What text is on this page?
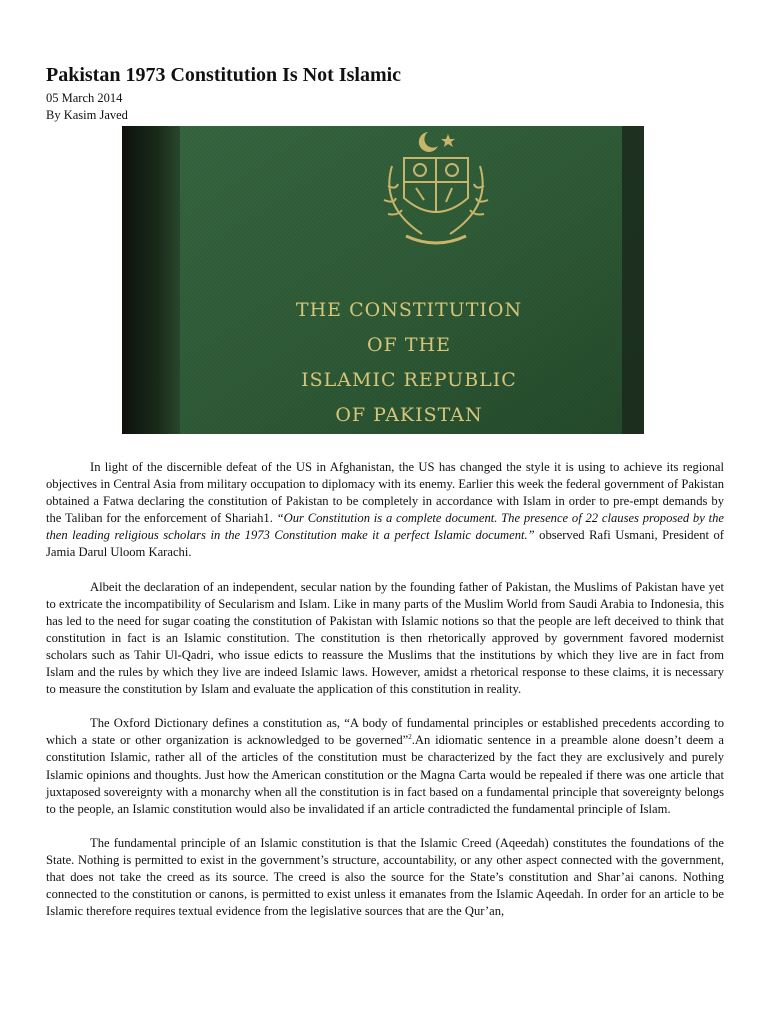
Pakistan 1973 Constitution Is Not Islamic
05 March 2014
By Kasim Javed
THE CONSTITUTION
OF THE
ISLAMIC REPUBLIC
OF PAKISTAN

In light of the discernible defeat of the US in Afghanistan, the US has changed the style it is using to achieve its regional objectives in Central Asia from military occupation to diplomacy with its enemy. Earlier this week the federal government of Pakistan obtained a Fatwa declaring the constitution of Pakistan to be completely in accordance with Islam in order to pre-empt demands by the Taliban for the enforcement of Shariah1. “Our Constitution is a complete document. The presence of 22 clauses proposed by the then leading religious scholars in the 1973 Constitution make it a perfect Islamic document.” observed Rafi Usmani, President of Jamia Darul Uloom Karachi.

Albeit the declaration of an independent, secular nation by the founding father of Pakistan, the Muslims of Pakistan have yet to extricate the incompatibility of Secularism and Islam. Like in many parts of the Muslim World from Saudi Arabia to Indonesia, this has led to the need for sugar coating the constitution of Pakistan with Islamic notions so that the people are left deceived to think that constitution in fact is an Islamic constitution. The constitution is then rhetorically approved by government favored modernist scholars such as Tahir Ul-Qadri, who issue edicts to reassure the Muslims that the institutions by which they live are in fact from Islam and the rules by which they live are indeed Islamic laws. However, amidst a rhetorical response to these claims, it is necessary to measure the constitution by Islam and evaluate the application of this constitution in reality.

The Oxford Dictionary defines a constitution as, “A body of fundamental principles or established precedents according to which a state or other organization is acknowledged to be governed”$^2$.An idiomatic sentence in a preamble alone doesn’t deem a constitution Islamic, rather all of the articles of the constitution must be characterized by the fact they are exclusively and purely Islamic opinions and thoughts. Just how the American constitution or the Magna Carta would be repealed if there was one article that juxtaposed sovereignty with a monarchy when all the constitution is in fact based on a fundamental principle that sovereignty belongs to the people, an Islamic constitution would also be invalidated if an article contradicted the fundamental principle of Islam.

The fundamental principle of an Islamic constitution is that the Islamic Creed (Aqeedah) constitutes the foundations of the State. Nothing is permitted to exist in the government’s structure, accountability, or any other aspect connected with the government, that does not take the creed as its source. The creed is also the source for the State’s constitution and Shar’ai canons. Nothing connected to the constitution or canons, is permitted to exist unless it emanates from the Islamic Aqeedah. In order for an article to be Islamic therefore requires textual evidence from the legislative sources that are the Qur’an,
